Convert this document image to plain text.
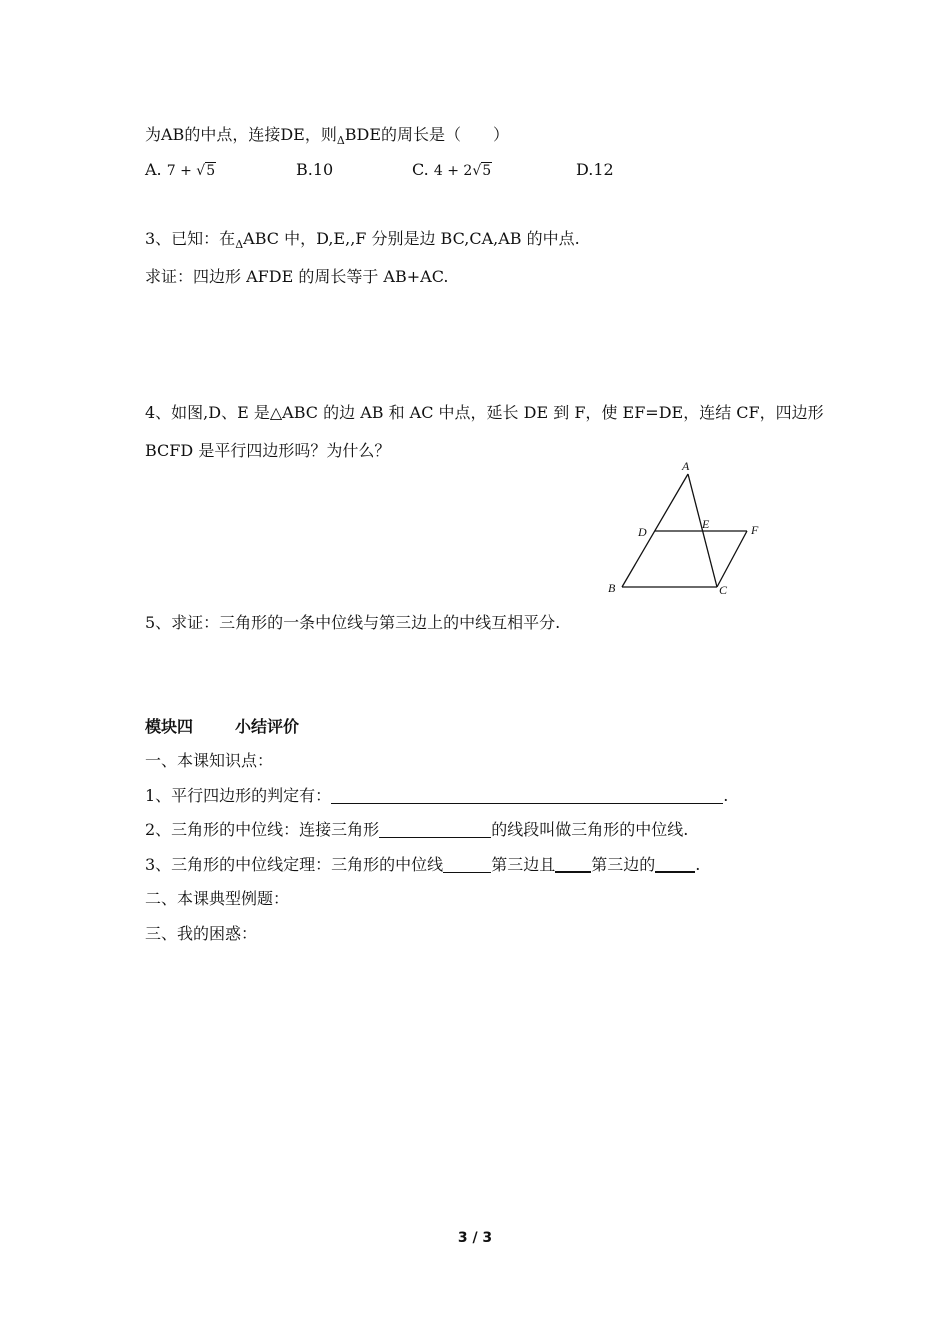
为AB的中点，连接DE，则$_\Delta$BDE的周长是（　　）
A. 7 + √5	B.10	C. 4 + 2√5	D.12
3、已知：在$_\Delta$ABC 中，D,E,,F 分别是边 BC,CA,AB 的中点.
求证：四边形 AFDE 的周长等于 AB+AC.
4、如图,D、E 是△ABC 的边 AB 和 AC 中点，延长 DE 到 F，使 EF=DE，连结 CF，四边形
BCFD 是平行四边形吗？为什么？
A
B	C
D
E	F
5、求证：三角形的一条中位线与第三边上的中线互相平分.
模块四	小结评价
一、本课知识点：
1、平行四边形的判定有：	.
2、三角形的中位线：连接三角形	的线段叫做三角形的中位线.
3、三角形的中位线定理：三角形的中位线	第三边且 第三边的	.
二、本课典型例题：
三、我的困惑：
3 / 3
